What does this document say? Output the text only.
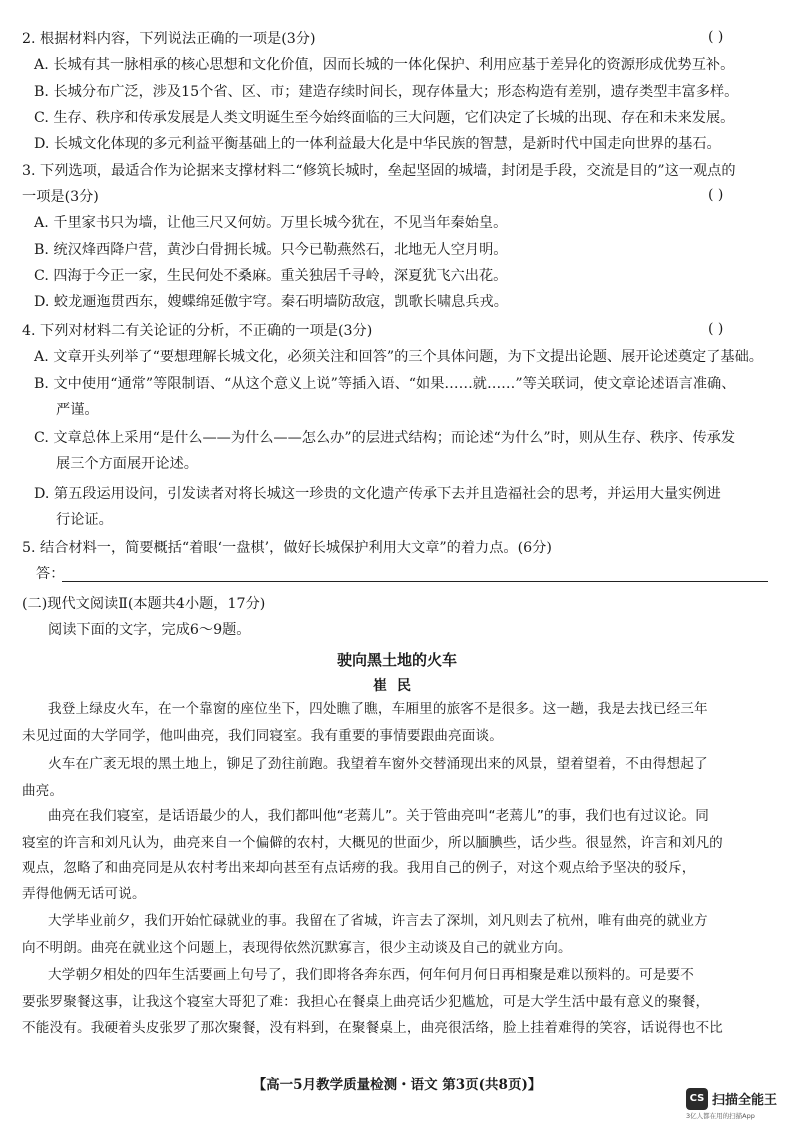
2. 根据材料内容，下列说法正确的一项是(3分)	( )
A. 长城有其一脉相承的核心思想和文化价值，因而长城的一体化保护、利用应基于差异化的资源形成优势互补。
B. 长城分布广泛，涉及15个省、区、市；建造存续时间长，现存体量大；形态构造有差别，遗存类型丰富多样。
C. 生存、秩序和传承发展是人类文明诞生至今始终面临的三大问题，它们决定了长城的出现、存在和未来发展。
D. 长城文化体现的多元利益平衡基础上的一体利益最大化是中华民族的智慧，是新时代中国走向世界的基石。
3. 下列选项，最适合作为论据来支撑材料二“修筑长城时，垒起坚固的城墙，封闭是手段，交流是目的”这一观点的
一项是(3分)	( )
A. 千里家书只为墙，让他三尺又何妨。万里长城今犹在，不见当年秦始皇。
B. 统汉烽西降户营，黄沙白骨拥长城。只今已勒燕然石，北地无人空月明。
C. 四海于今正一家，生民何处不桑麻。重关独居千寻岭，深夏犹飞六出花。
D. 蛟龙逦迤贯西东，嫂蝶绵延傲宇穹。秦石明墙防敌寇，凯歌长啸息兵戎。
4. 下列对材料二有关论证的分析，不正确的一项是(3分)	( )
A. 文章开头列举了“要想理解长城文化，必须关注和回答”的三个具体问题，为下文提出论题、展开论述奠定了基础。
B. 文中使用“通常”等限制语、“从这个意义上说”等插入语、“如果……就……”等关联词，使文章论述语言准确、
严谨。
C. 文章总体上采用“是什么——为什么——怎么办”的层进式结构；而论述“为什么”时，则从生存、秩序、传承发
展三个方面展开论述。
D. 第五段运用设问，引发读者对将长城这一珍贵的文化遗产传承下去并且造福社会的思考，并运用大量实例进
行论证。
5. 结合材料一，简要概括“着眼‘一盘棋’，做好长城保护利用大文章”的着力点。(6分)
答：
(二)现代文阅读Ⅱ(本题共4小题，17分)
阅读下面的文字，完成6～9题。
驶向黑土地的火车
崔民
我登上绿皮火车，在一个靠窗的座位坐下，四处瞧了瞧，车厢里的旅客不是很多。这一趟，我是去找已经三年
未见过面的大学同学，他叫曲亮，我们同寝室。我有重要的事情要跟曲亮面谈。
火车在广袤无垠的黑土地上，铆足了劲往前跑。我望着车窗外交替涌现出来的风景，望着望着，不由得想起了
曲亮。
曲亮在我们寝室，是话语最少的人，我们都叫他“老蔫儿”。关于管曲亮叫“老蔫儿”的事，我们也有过议论。同
寝室的许言和刘凡认为，曲亮来自一个偏僻的农村，大概见的世面少，所以腼腆些，话少些。很显然，许言和刘凡的
观点，忽略了和曲亮同是从农村考出来却向甚至有点话痨的我。我用自己的例子，对这个观点给予坚决的驳斥，
弄得他俩无话可说。
大学毕业前夕，我们开始忙碌就业的事。我留在了省城，许言去了深圳，刘凡则去了杭州，唯有曲亮的就业方
向不明朗。曲亮在就业这个问题上，表现得依然沉默寡言，很少主动谈及自己的就业方向。
大学朝夕相处的四年生活要画上句号了，我们即将各奔东西，何年何月何日再相聚是难以预料的。可是要不
要张罗聚餐这事，让我这个寝室大哥犯了难：我担心在餐桌上曲亮话少犯尴尬，可是大学生活中最有意义的聚餐，
不能没有。我硬着头皮张罗了那次聚餐，没有料到，在聚餐桌上，曲亮很活络，脸上挂着难得的笑容，话说得也不比
【高一5月教学质量检测・语文 第3页(共8页)】
CS 扫描全能王
3亿人都在用的扫描App
